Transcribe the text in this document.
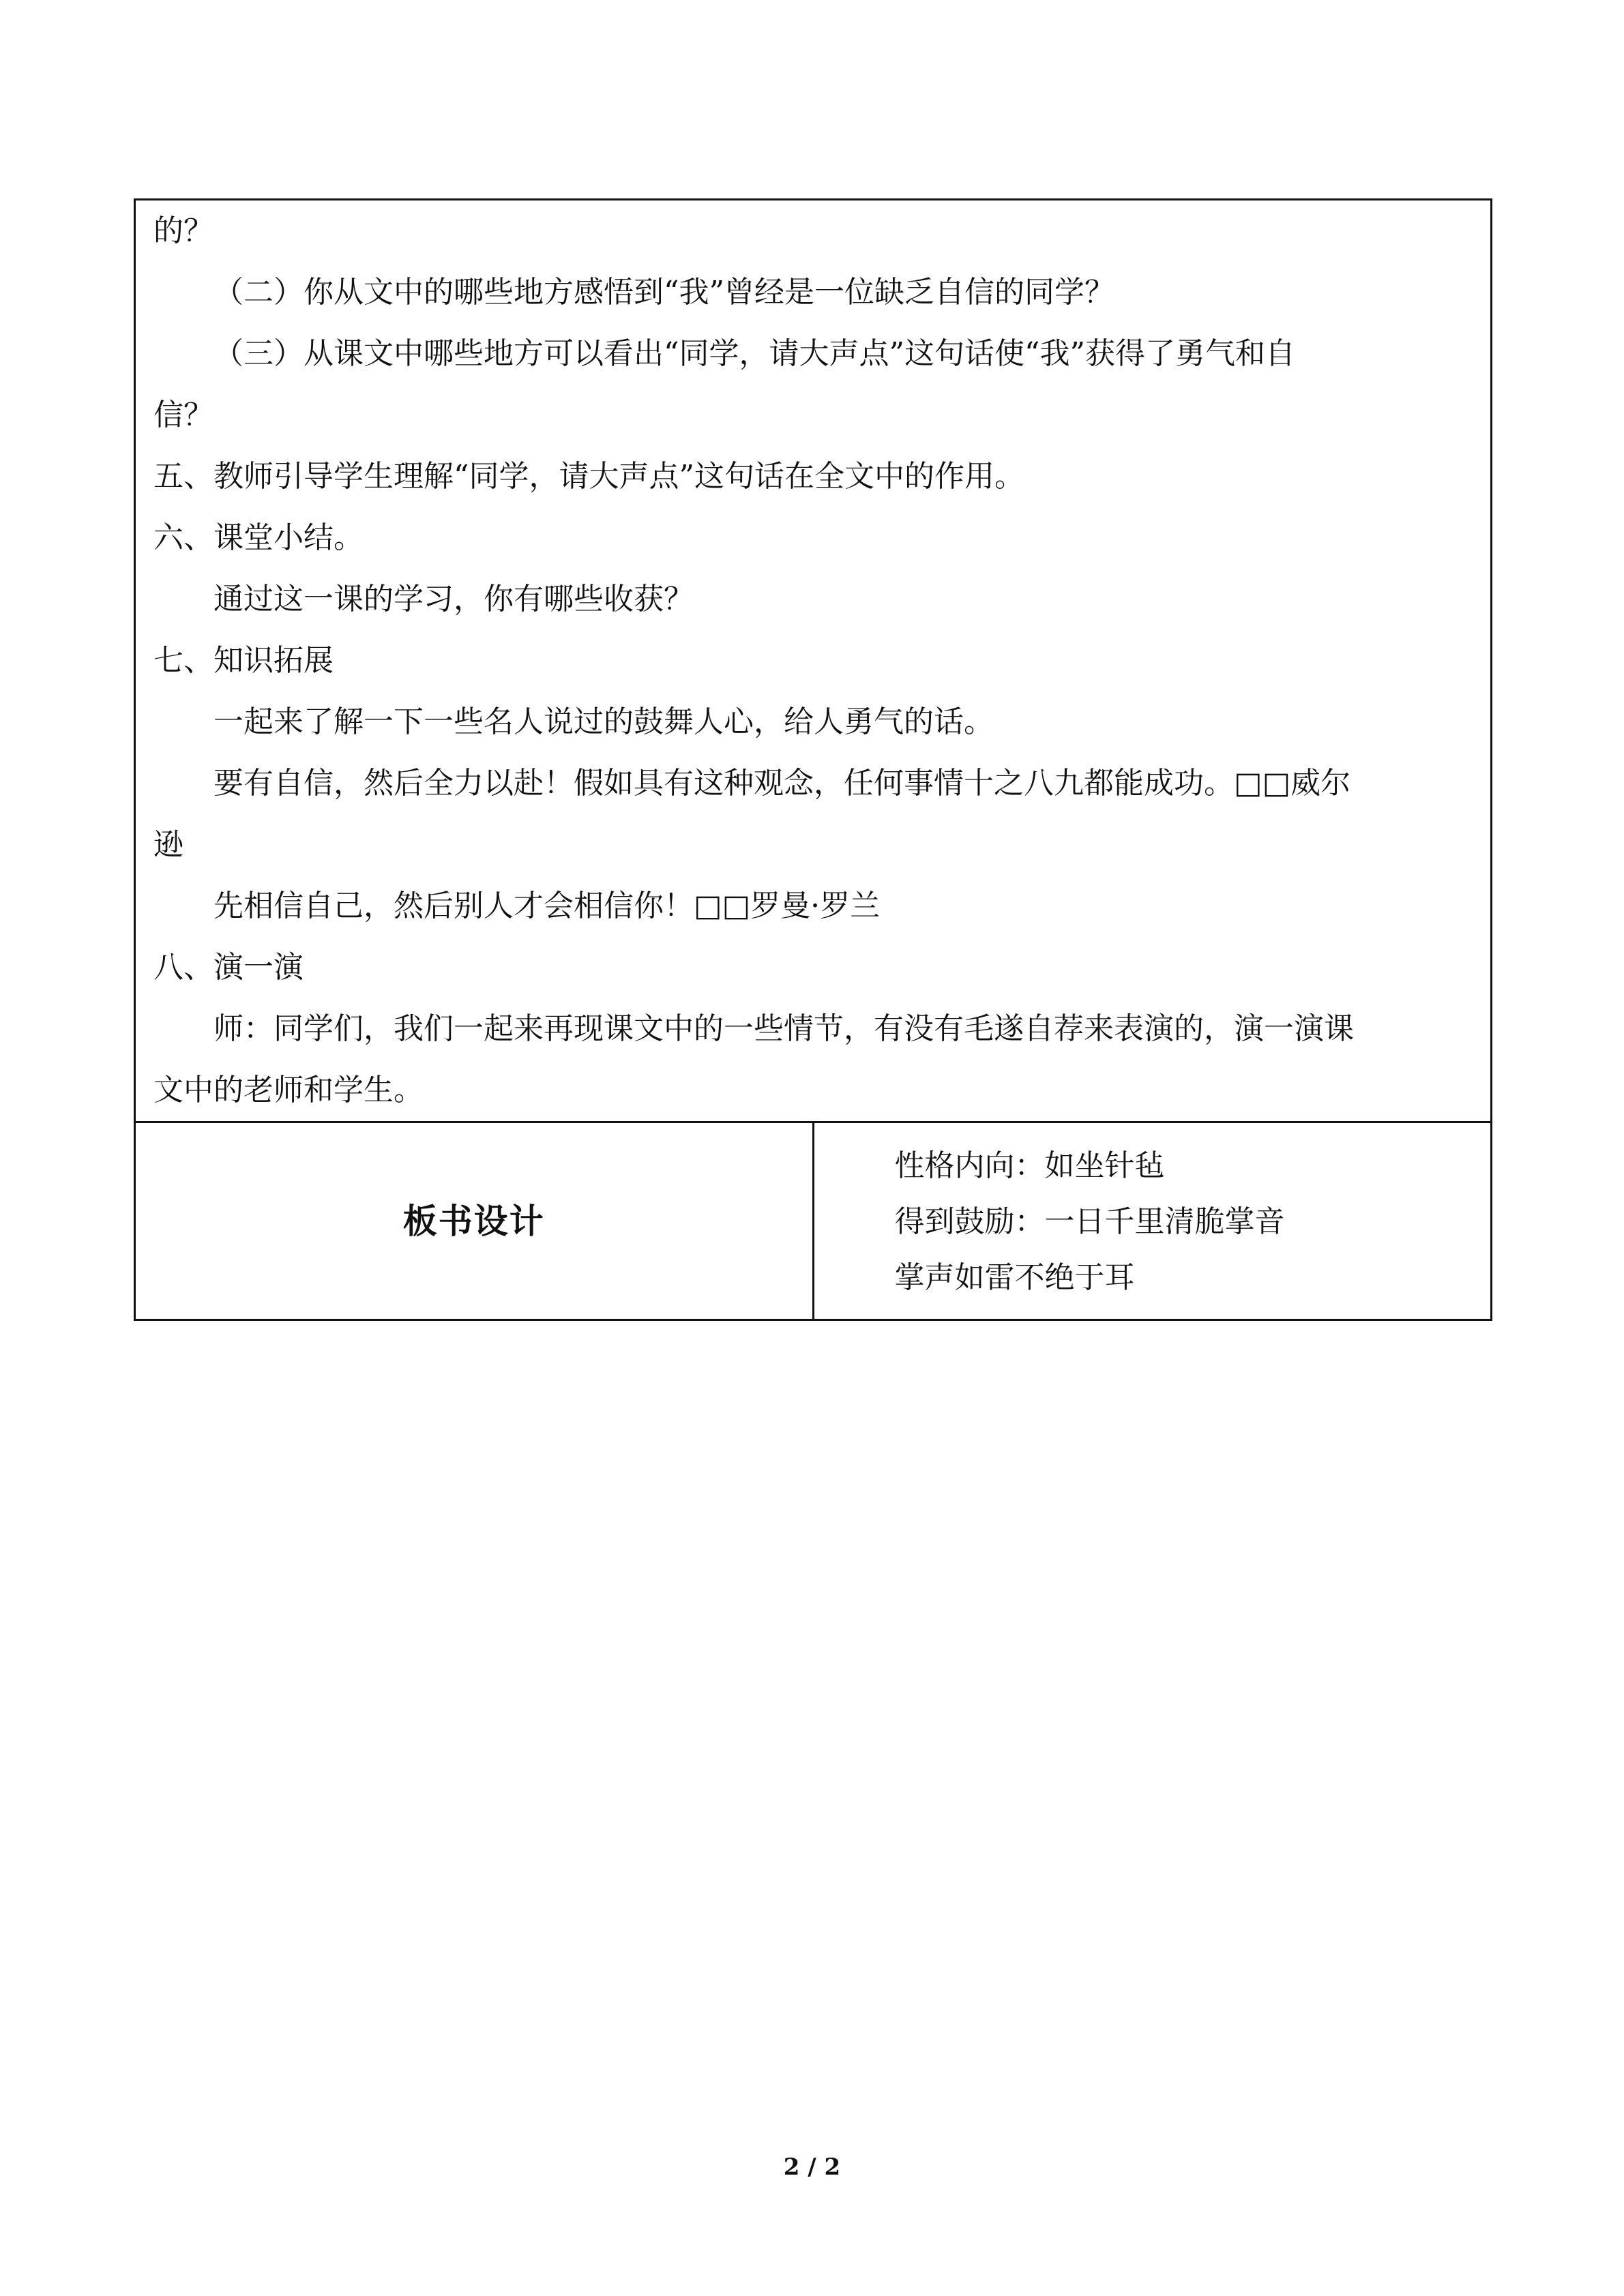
的？
（二）你从文中的哪些地方感悟到“我”曾经是一位缺乏自信的同学？
（三）从课文中哪些地方可以看出“同学，请大声点”这句话使“我”获得了勇气和自
信？
五、教师引导学生理解“同学，请大声点”这句话在全文中的作用。
六、课堂小结。
通过这一课的学习，你有哪些收获？
七、知识拓展
一起来了解一下一些名人说过的鼓舞人心，给人勇气的话。
要有自信，然后全力以赴！假如具有这种观念，任何事情十之八九都能成功。□□威尔
逊
先相信自己，然后别人才会相信你！□□罗曼·罗兰
八、演一演
师：同学们，我们一起来再现课文中的一些情节，有没有毛遂自荐来表演的，演一演课
文中的老师和学生。

板书设计	
性格内向：如坐针毡
得到鼓励：一日千里清脆掌音
掌声如雷不绝于耳
2 / 2
